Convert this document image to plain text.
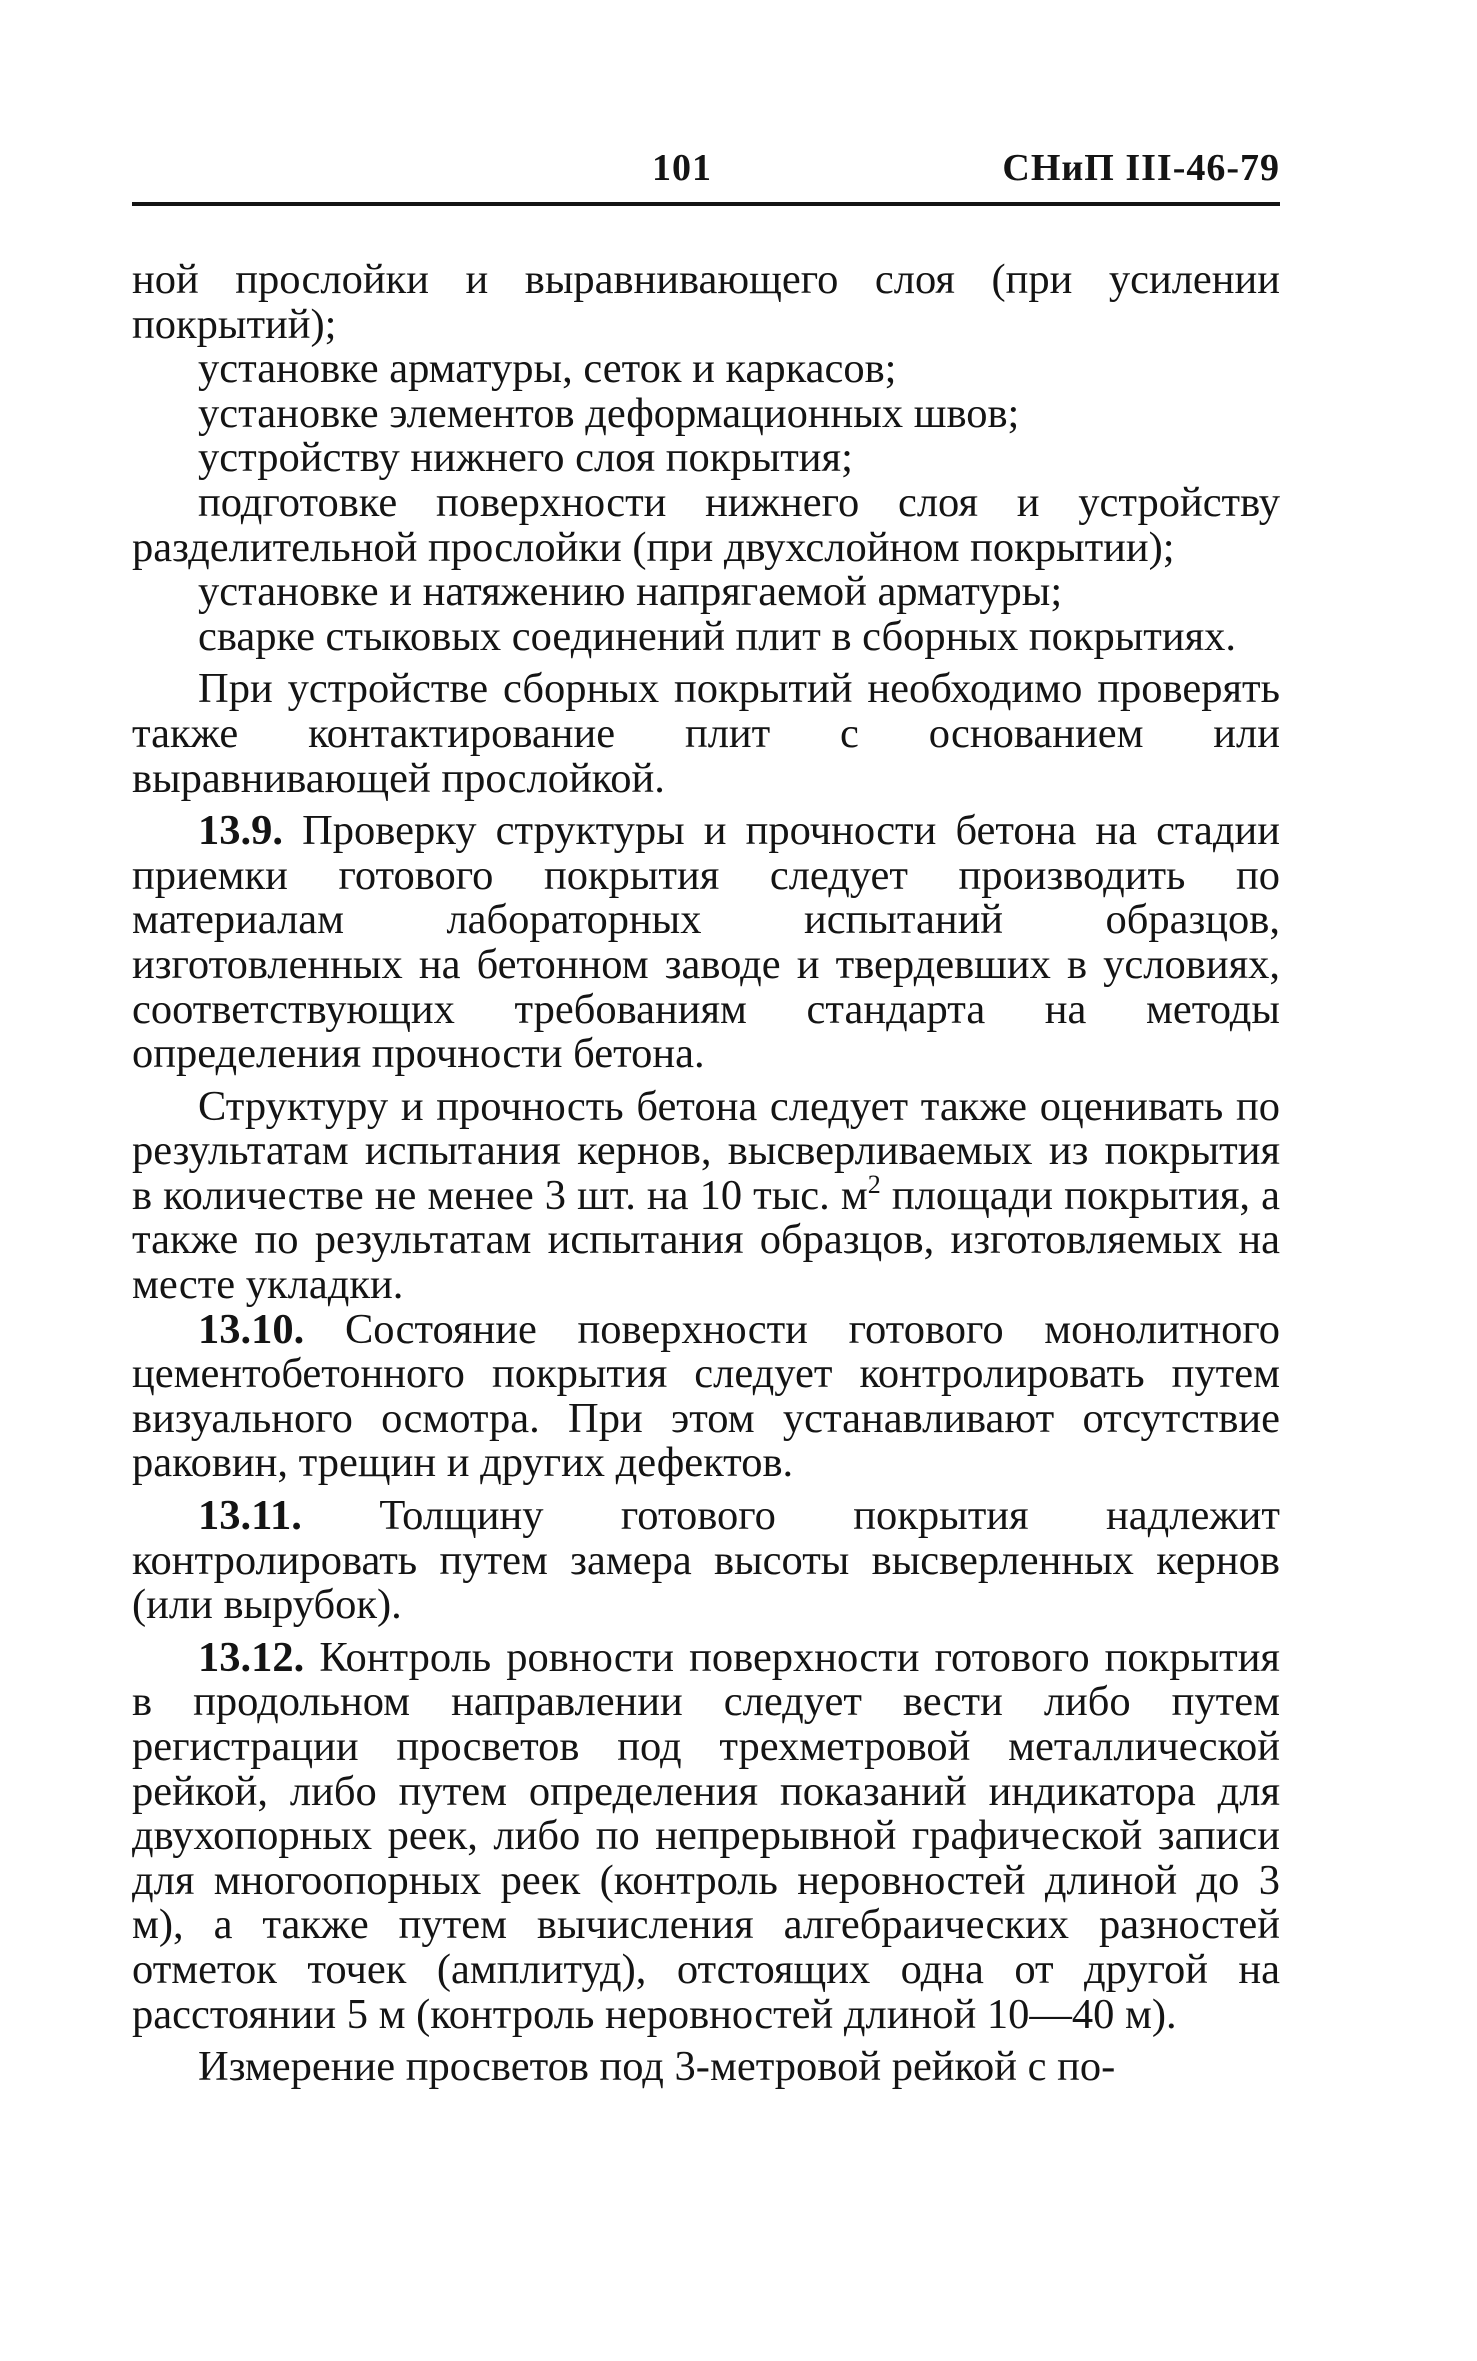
101	СНиП III-46-79

ной прослойки и выравнивающего слоя (при усилении покрытий);

установке арматуры, сеток и каркасов;

установке элементов деформационных швов;

устройству нижнего слоя покрытия;

подготовке поверхности нижнего слоя и устройству разделительной прослойки (при двухслойном покрытии);

установке и натяжению напрягаемой арматуры;

сварке стыковых соединений плит в сборных покрытиях.

При устройстве сборных покрытий необходимо проверять также контактирование плит с основанием или выравнивающей прослойкой.

13.9. Проверку структуры и прочности бетона на стадии приемки готового покрытия следует производить по материалам лабораторных испытаний образцов, изготовленных на бетонном заводе и твердевших в условиях, соответствующих требованиям стандарта на методы определения прочности бетона.

Структуру и прочность бетона следует также оценивать по результатам испытания кернов, высверливаемых из покрытия в количестве не менее 3 шт. на 10 тыс. $м^2$ площади покрытия, а также по результатам испытания образцов, изготовляемых на месте укладки.

13.10. Состояние поверхности готового монолитного цементобетонного покрытия следует контролировать путем визуального осмотра. При этом устанавливают отсутствие раковин, трещин и других дефектов.

13.11. Толщину готового покрытия надлежит контролировать путем замера высоты высверленных кернов (или вырубок).

13.12. Контроль ровности поверхности готового покрытия в продольном направлении следует вести либо путем регистрации просветов под трехметровой металлической рейкой, либо путем определения показаний индикатора для двухопорных реек, либо по непрерывной графической записи для многоопорных реек (контроль неровностей длиной до 3 м), а также путем вычисления алгебраических разностей отметок точек (амплитуд), отстоящих одна от другой на расстоянии 5 м (контроль неровностей длиной 10—40 м).

Измерение просветов под 3-метровой рейкой с по-
